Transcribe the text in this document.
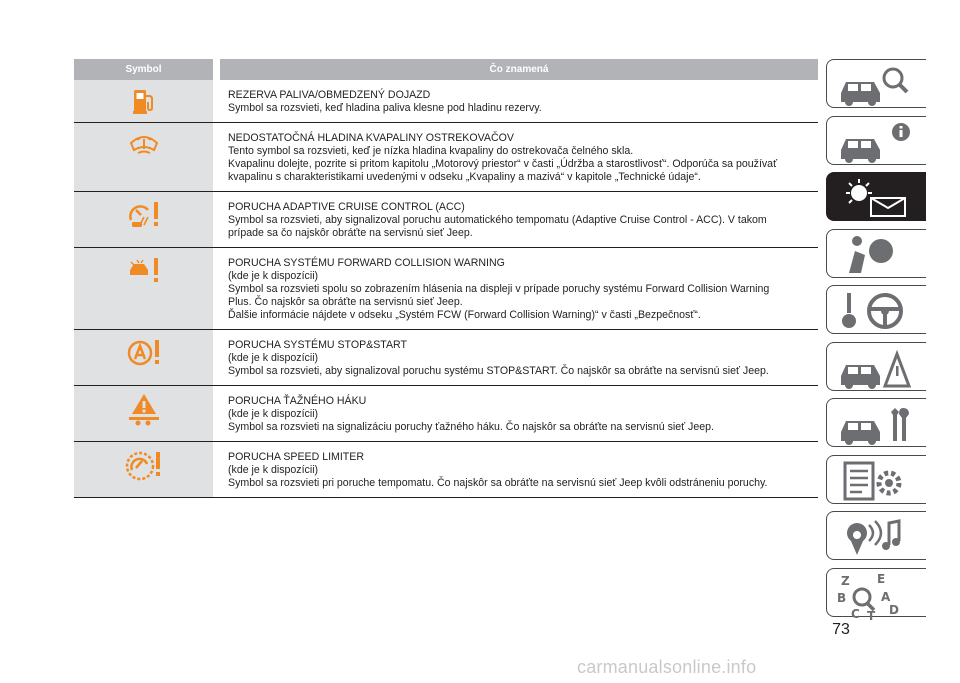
Symbol		Čo znamená

REZERVA PALIVA/OBMEDZENÝ DOJAZD
Symbol sa rozsvieti, keď hladina paliva klesne pod hladinu rezervy.

NEDOSTATOČNÁ HLADINA KVAPALINY OSTREKOVAČOV
Tento symbol sa rozsvieti, keď je nízka hladina kvapaliny do ostrekovača čelného skla.
Kvapalinu dolejte, pozrite si pritom kapitolu „Motorový priestor“ v časti „Údržba a starostlivosť“. Odporúča sa používať
kvapalinu s charakteristikami uvedenými v odseku „Kvapaliny a mazivá“ v kapitole „Technické údaje“.

PORUCHA ADAPTIVE CRUISE CONTROL (ACC)
Symbol sa rozsvieti, aby signalizoval poruchu automatického tempomatu (Adaptive Cruise Control - ACC). V takom
prípade sa čo najskôr obráťte na servisnú sieť Jeep.

PORUCHA SYSTÉMU FORWARD COLLISION WARNING
(kde je k dispozícii)
Symbol sa rozsvieti spolu so zobrazením hlásenia na displeji v prípade poruchy systému Forward Collision Warning
Plus. Čo najskôr sa obráťte na servisnú sieť Jeep.
Ďalšie informácie nájdete v odseku „Systém FCW (Forward Collision Warning)“ v časti „Bezpečnosť“.

PORUCHA SYSTÉMU STOP&START
(kde je k dispozícii)
Symbol sa rozsvieti, aby signalizoval poruchu systému STOP&START. Čo najskôr sa obráťte na servisnú sieť Jeep.

PORUCHA ŤAŽNÉHO HÁKU
(kde je k dispozícii)
Symbol sa rozsvieti na signalizáciu poruchy ťažného háku. Čo najskôr sa obráťte na servisnú sieť Jeep.

PORUCHA SPEED LIMITER
(kde je k dispozícii)
Symbol sa rozsvieti pri poruche tempomatu. Čo najskôr sa obráťte na servisnú sieť Jeep kvôli odstráneniu poruchy.
Z E
B	A
C T D
73
carmanualsonline.info
